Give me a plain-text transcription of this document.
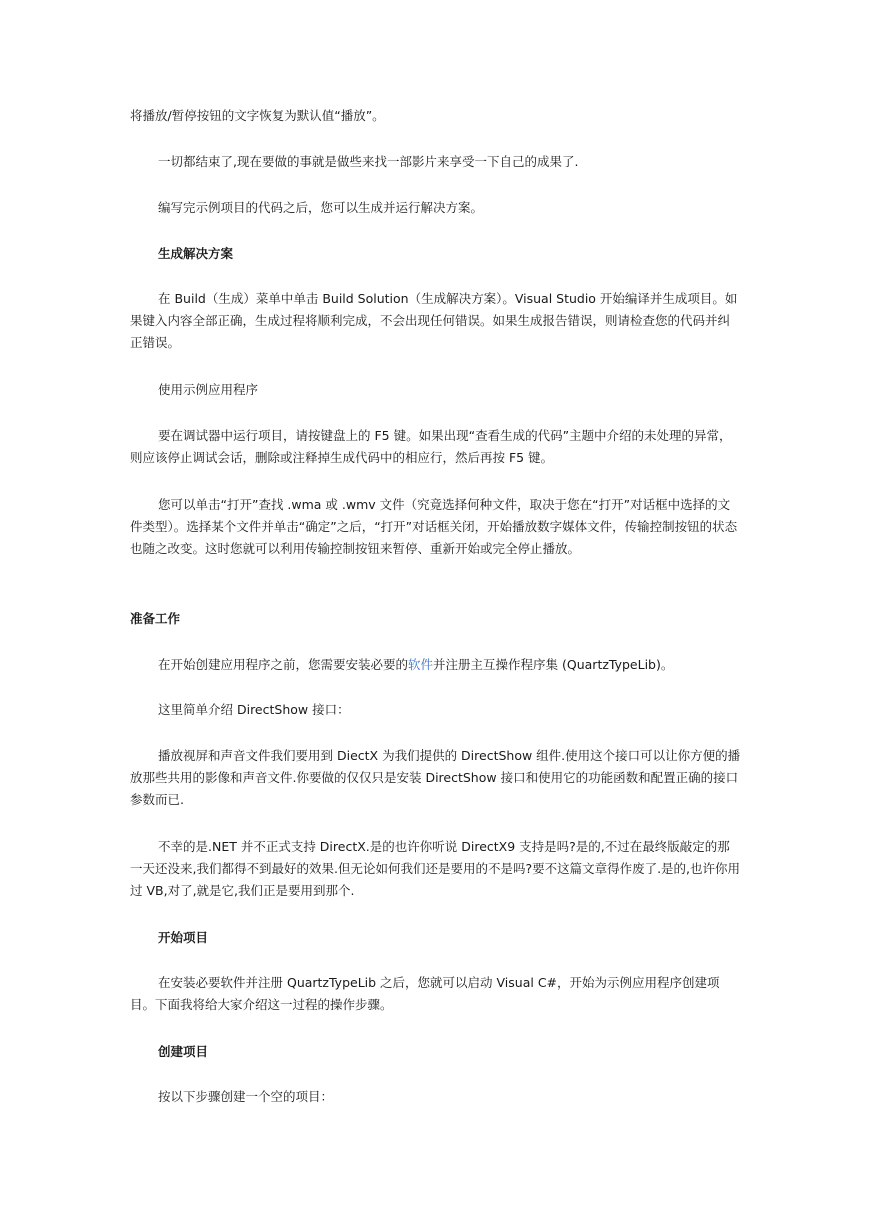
将播放/暂停按钮的文字恢复为默认值“播放”。

一切都结束了,现在要做的事就是做些来找一部影片来享受一下自己的成果了.

编写完示例项目的代码之后，您可以生成并运行解决方案。

生成解决方案

在 Build（生成）菜单中单击 Build Solution（生成解决方案）。Visual Studio 开始编译并生成项目。如果键入内容全部正确，生成过程将顺利完成，不会出现任何错误。如果生成报告错误，则请检查您的代码并纠正错误。

使用示例应用程序

要在调试器中运行项目，请按键盘上的 F5 键。如果出现“查看生成的代码”主题中介绍的未处理的异常，则应该停止调试会话，删除或注释掉生成代码中的相应行，然后再按 F5 键。

您可以单击“打开”查找 .wma 或 .wmv 文件（究竟选择何种文件，取决于您在“打开”对话框中选择的文件类型）。选择某个文件并单击“确定”之后，“打开”对话框关闭，开始播放数字媒体文件，传输控制按钮的状态也随之改变。这时您就可以利用传输控制按钮来暂停、重新开始或完全停止播放。

准备工作

在开始创建应用程序之前，您需要安装必要的软件并注册主互操作程序集 (QuartzTypeLib)。

这里简单介绍 DirectShow 接口：

播放视屏和声音文件我们要用到 DiectX 为我们提供的 DirectShow 组件.使用这个接口可以让你方便的播放那些共用的影像和声音文件.你要做的仅仅只是安装 DirectShow 接口和使用它的功能函数和配置正确的接口参数而已.

不幸的是.NET 并不正式支持 DirectX.是的也许你听说 DirectX9 支持是吗?是的,不过在最终版敲定的那一天还没来,我们都得不到最好的效果.但无论如何我们还是要用的不是吗?要不这篇文章得作废了.是的,也许你用过 VB,对了,就是它,我们正是要用到那个.

开始项目

在安装必要软件并注册 QuartzTypeLib 之后，您就可以启动 Visual C#，开始为示例应用程序创建项目。下面我将给大家介绍这一过程的操作步骤。

创建项目

按以下步骤创建一个空的项目：
